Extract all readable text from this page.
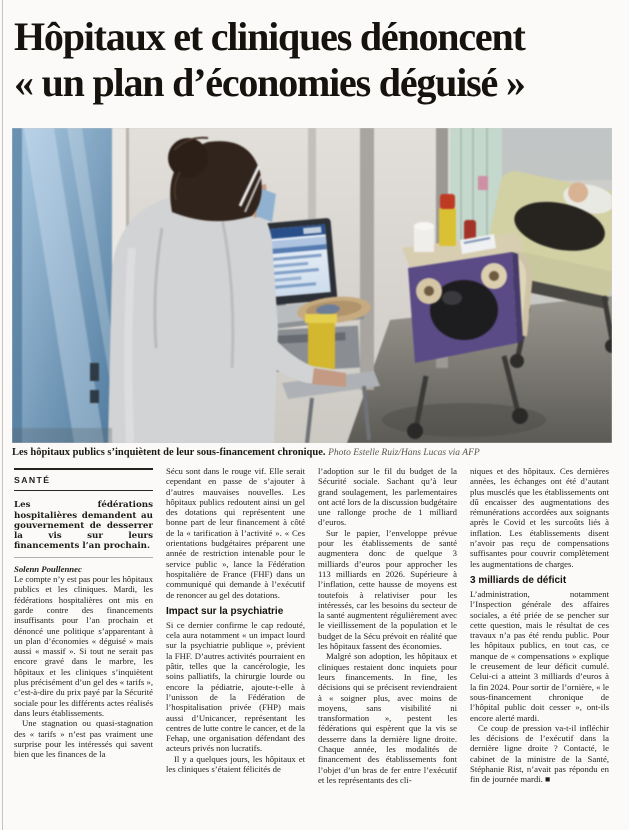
Hôpitaux et cliniques dénoncent
« un plan d’économies déguisé »
Les hôpitaux publics s’inquiètent de leur sous-financement chronique. Photo Estelle Ruiz/Hans Lucas via AFP

SANTÉ

Les fédérations hospitalières demandent au gouvernement de desserrer la vis sur leurs financements l’an prochain.

Solenn Poullennec

Le compte n’y est pas pour les hôpitaux publics et les cliniques. Mardi, les fédérations hospitalières ont mis en garde contre des financements insuffisants pour l’an prochain et dénoncé une politique s’apparentant à un plan d’économies « déguisé » mais aussi « massif ». Si tout ne serait pas encore gravé dans le marbre, les hôpitaux et les cliniques s’inquiètent plus précisément d’un gel des « tarifs », c’est-à-dire du prix payé par la Sécurité sociale pour les différents actes réalisés dans leurs établissements.

Une stagnation ou quasi-stagnation des « tarifs » n’est pas vraiment une surprise pour les intéressés qui savent bien que les finances de la

Sécu sont dans le rouge vif. Elle serait cependant en passe de s’ajouter à d’autres mauvaises nouvelles. Les hôpitaux publics redoutent ainsi un gel des dotations qui représentent une bonne part de leur financement à côté de la « tarification à l’activité ». « Ces orientations budgétaires préparent une année de restriction intenable pour le service public », lance la Fédération hospitalière de France (FHF) dans un communiqué qui demande à l’exécutif de renoncer au gel des dotations.

Impact sur la psychiatrie

Si ce dernier confirme le cap redouté, cela aura notamment « un impact lourd sur la psychiatrie publique », prévient la FHF. D’autres activités pourraient en pâtir, telles que la cancérologie, les soins palliatifs, la chirurgie lourde ou encore la pédiatrie, ajoute-t-elle à l’unisson de la Fédération de l’hospitalisation privée (FHP) mais aussi d’Unicancer, représentant les centres de lutte contre le cancer, et de la Fehap, une organisation défendant des acteurs privés non lucratifs.

Il y a quelques jours, les hôpitaux et les cliniques s’étaient félicités de

l’adoption sur le fil du budget de la Sécurité sociale. Sachant qu’à leur grand soulagement, les parlementaires ont acté lors de la discussion budgétaire une rallonge proche de 1 milliard d’euros.

Sur le papier, l’enveloppe prévue pour les établissements de santé augmentera donc de quelque 3 milliards d’euros pour approcher les 113 milliards en 2026. Supérieure à l’inflation, cette hausse de moyens est toutefois à relativiser pour les intéressés, car les besoins du secteur de la santé augmentent régulièrement avec le vieillissement de la population et le budget de la Sécu prévoit en réalité que les hôpitaux fassent des économies.

Malgré son adoption, les hôpitaux et cliniques restaient donc inquiets pour leurs financements. In fine, les décisions qui se précisent reviendraient à « soigner plus, avec moins de moyens, sans visibilité ni transformation », pestent les fédérations qui espèrent que la vis se desserre dans la dernière ligne droite. Chaque année, les modalités de financement des établissements font l’objet d’un bras de fer entre l’exécutif et les représentants des cli-

niques et des hôpitaux. Ces dernières années, les échanges ont été d’autant plus musclés que les établissements ont dû encaisser des augmentations des rémunérations accordées aux soignants après le Covid et les surcoûts liés à inflation. Les établissements disent n’avoir pas reçu de compensations suffisantes pour couvrir complètement les augmentations de charges.

3 milliards de déficit

L’administration, notamment l’Inspection générale des affaires sociales, a été priée de se pencher sur cette question, mais le résultat de ces travaux n’a pas été rendu public. Pour les hôpitaux publics, en tout cas, ce manque de « compensations » explique le creusement de leur déficit cumulé. Celui-ci a atteint 3 milliards d’euros à la fin 2024. Pour sortir de l’ornière, « le sous-financement chronique de l’hôpital public doit cesser », ont-ils encore alerté mardi.

Ce coup de pression va-t-il infléchir les décisions de l’exécutif dans la dernière ligne droite ? Contacté, le cabinet de la ministre de la Santé, Stéphanie Rist, n’avait pas répondu en fin de journée mardi. ■
